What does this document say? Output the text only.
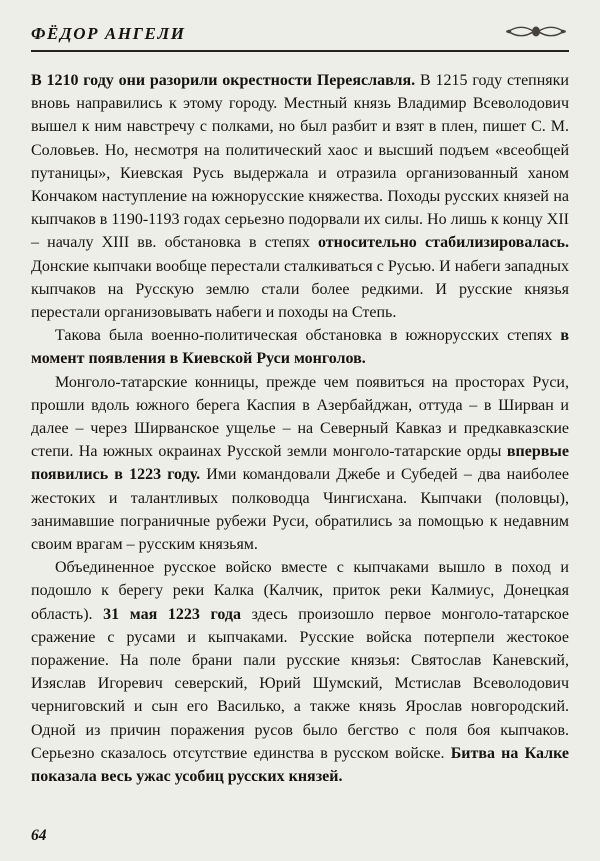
ФЁДОР АНГЕЛИ

В 1210 году они разорили окрестности Переяславля. В 1215 году степняки вновь направились к этому городу. Местный князь Владимир Всеволодович вышел к ним навстречу с полками, но был разбит и взят в плен, пишет С. М. Соловьев. Но, несмотря на политический хаос и высший подъем «всеобщей путаницы», Киевская Русь выдержала и отразила организованный ханом Кончаком наступление на южнорусские княжества. Походы русских князей на кыпчаков в 1190-1193 годах серьезно подорвали их силы. Но лишь к концу XII – началу XIII вв. обстановка в степях относительно стабилизировалась. Донские кыпчаки вообще перестали сталкиваться с Русью. И набеги западных кыпчаков на Русскую землю стали более редкими. И русские князья перестали организовывать набеги и походы на Степь.

Такова была военно-политическая обстановка в южнорусских степях в момент появления в Киевской Руси монголов.

Монголо-татарские конницы, прежде чем появиться на просторах Руси, прошли вдоль южного берега Каспия в Азербайджан, оттуда – в Ширван и далее – через Ширванское ущелье – на Северный Кавказ и предкавказские степи. На южных окраинах Русской земли монголо-татарские орды впервые появились в 1223 году. Ими командовали Джебе и Субедей – два наиболее жестоких и талантливых полководца Чингисхана. Кыпчаки (половцы), занимавшие пограничные рубежи Руси, обратились за помощью к недавним своим врагам – русским князьям.

Объединенное русское войско вместе с кыпчаками вышло в поход и подошло к берегу реки Калка (Калчик, приток реки Калмиус, Донецкая область). 31 мая 1223 года здесь произошло первое монголо-татарское сражение с русами и кыпчаками. Русские войска потерпели жестокое поражение. На поле брани пали русские князья: Святослав Каневский, Изяслав Игоревич северский, Юрий Шумский, Мстислав Всеволодович черниговский и сын его Василько, а также князь Ярослав новгородский. Одной из причин поражения русов было бегство с поля боя кыпчаков. Серьезно сказалось отсутствие единства в русском войске. Битва на Калке показала весь ужас усобиц русских князей.

64
